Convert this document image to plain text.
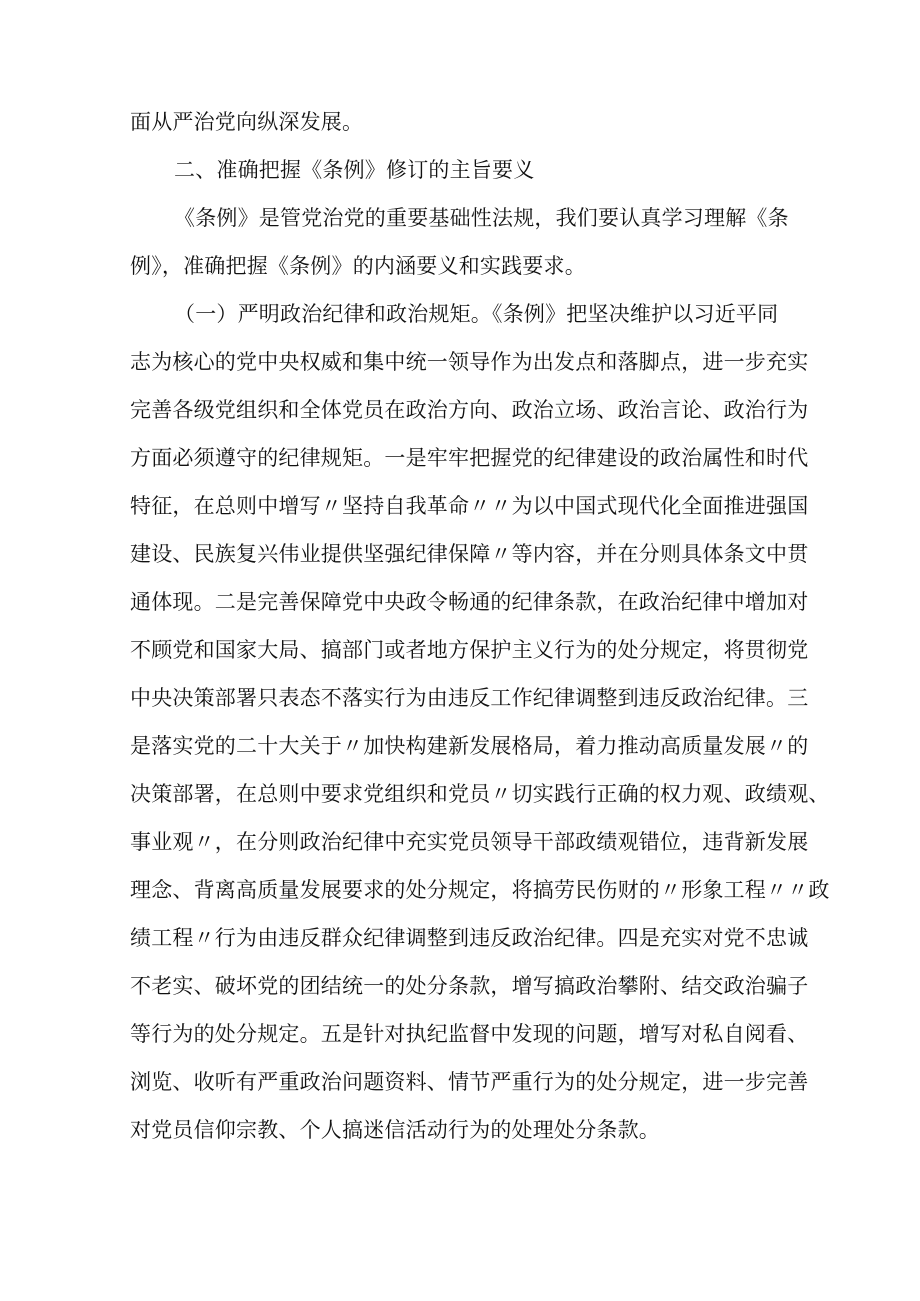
面从严治党向纵深发展。
二、准确把握《条例》修订的主旨要义
《条例》是管党治党的重要基础性法规，我们要认真学习理解《条
例》，准确把握《条例》的内涵要义和实践要求。
（一）严明政治纪律和政治规矩。《条例》把坚决维护以习近平同
志为核心的党中央权威和集中统一领导作为出发点和落脚点，进一步充实
完善各级党组织和全体党员在政治方向、政治立场、政治言论、政治行为
方面必须遵守的纪律规矩。一是牢牢把握党的纪律建设的政治属性和时代
特征，在总则中增写〃坚持自我革命〃〃为以中国式现代化全面推进强国
建设、民族复兴伟业提供坚强纪律保障〃等内容，并在分则具体条文中贯
通体现。二是完善保障党中央政令畅通的纪律条款，在政治纪律中增加对
不顾党和国家大局、搞部门或者地方保护主义行为的处分规定，将贯彻党
中央决策部署只表态不落实行为由违反工作纪律调整到违反政治纪律。三
是落实党的二十大关于〃加快构建新发展格局，着力推动高质量发展〃的
决策部署，在总则中要求党组织和党员〃切实践行正确的权力观、政绩观、
事业观〃，在分则政治纪律中充实党员领导干部政绩观错位，违背新发展
理念、背离高质量发展要求的处分规定，将搞劳民伤财的〃形象工程〃〃政
绩工程〃行为由违反群众纪律调整到违反政治纪律。四是充实对党不忠诚
不老实、破坏党的团结统一的处分条款，增写搞政治攀附、结交政治骗子
等行为的处分规定。五是针对执纪监督中发现的问题，增写对私自阅看、
浏览、收听有严重政治问题资料、情节严重行为的处分规定，进一步完善
对党员信仰宗教、个人搞迷信活动行为的处理处分条款。
